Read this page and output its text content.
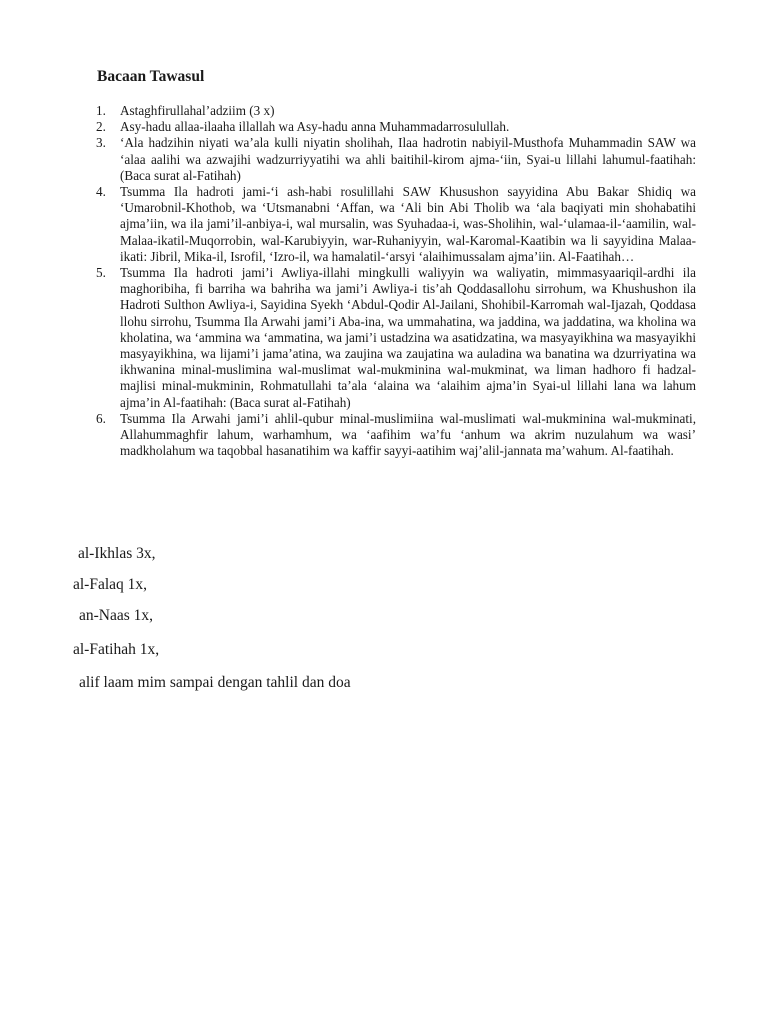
Bacaan Tawasul
1. Astaghfirullahal’adziim (3 x)
2. Asy-hadu allaa-ilaaha illallah wa Asy-hadu anna Muhammadarrosulullah.
3. ‘Ala hadzihin niyati wa’ala kulli niyatin sholihah, Ilaa hadrotin nabiyil-Musthofa Muhammadin SAW wa ‘alaa aalihi wa azwajihi wadzurriyyatihi wa ahli baitihil-kirom ajma-‘iin, Syai-u lillahi lahumul-faatihah: (Baca surat al-Fatihah)
4. Tsumma Ila hadroti jami-‘i ash-habi rosulillahi SAW Khusushon sayyidina Abu Bakar Shidiq wa ‘Umarobnil-Khothob, wa ‘Utsmanabni ‘Affan, wa ‘Ali bin Abi Tholib wa ‘ala baqiyati min shohabatihi ajma’iin, wa ila jami’il-anbiya-i, wal mursalin, was Syuhadaa-i, was-Sholihin, wal-‘ulamaa-il-‘aamilin, wal-Malaa-ikatil-Muqorrobin, wal-Karubiyyin, war-Ruhaniyyin, wal-Karomal-Kaatibin wa li sayyidina Malaa-ikati: Jibril, Mika-il, Isrofil, ‘Izro-il, wa hamalatil-‘arsyi ‘alaihimussalam ajma’iin. Al-Faatihah…
5. Tsumma Ila hadroti jami’i Awliya-illahi mingkulli waliyyin wa waliyatin, mimmasyaariqil-ardhi ila maghoribiha, fi barriha wa bahriha wa jami’i Awliya-i tis’ah Qoddasallohu sirrohum, wa Khushushon ila Hadroti Sulthon Awliya-i, Sayidina Syekh ‘Abdul-Qodir Al-Jailani, Shohibil-Karromah wal-Ijazah, Qoddasa llohu sirrohu, Tsumma Ila Arwahi jami’i Aba-ina, wa ummahatina, wa jaddina, wa jaddatina, wa kholina wa kholatina, wa ‘ammina wa ‘ammatina, wa jami’i ustadzina wa asatidzatina, wa masyayikhina wa masyayikhi masyayikhina, wa lijami’i jama’atina, wa zaujina wa zaujatina wa auladina wa banatina wa dzurriyatina wa ikhwanina minal-muslimina wal-muslimat wal-mukminina wal-mukminat, wa liman hadhoro fi hadzal-majlisi minal-mukminin, Rohmatullahi ta’ala ‘alaina wa ‘alaihim ajma’in Syai-ul lillahi lana wa lahum ajma’in Al-faatihah: (Baca surat al-Fatihah)
6. Tsumma Ila Arwahi jami’i ahlil-qubur minal-muslimiina wal-muslimati wal-mukminina wal-mukminati, Allahummaghfir lahum, warhamhum, wa ‘aafihim wa’fu ‘anhum wa akrim nuzulahum wa wasi’ madkholahum wa taqobbal hasanatihim wa kaffir sayyi-aatihim waj’alil-jannata ma’wahum. Al-faatihah.

al-Ikhlas 3x,

al-Falaq 1x,

an-Naas 1x,

al-Fatihah 1x,

alif laam mim sampai dengan tahlil dan doa
